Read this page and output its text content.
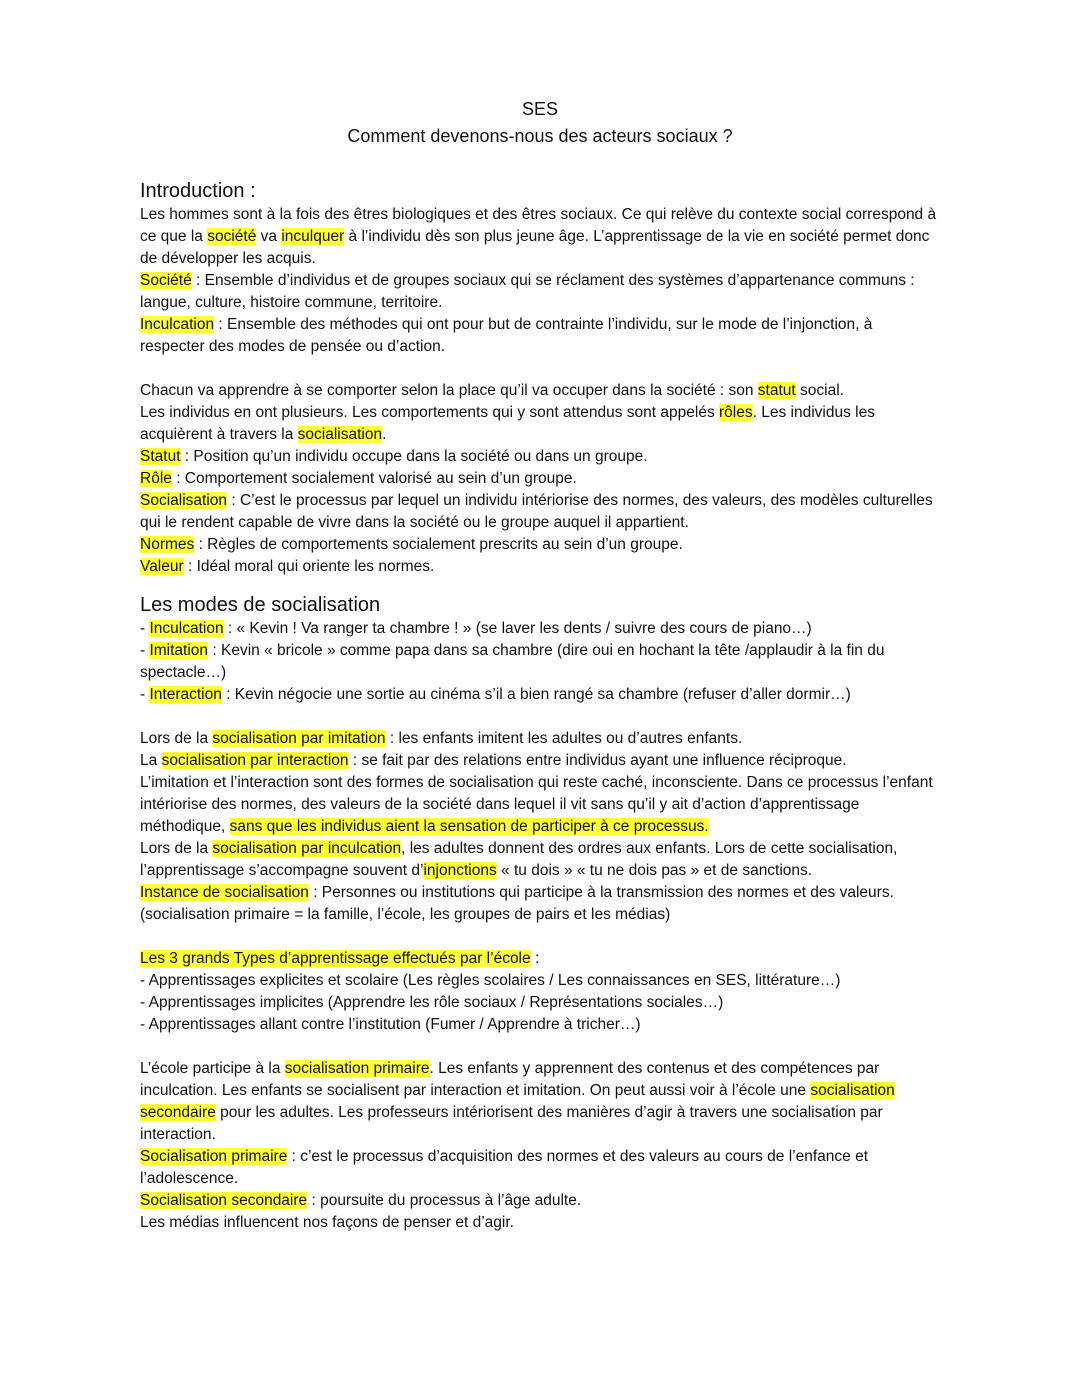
SES

Comment devenons-nous des acteurs sociaux ?

Introduction :

Les hommes sont à la fois des êtres biologiques et des êtres sociaux. Ce qui relève du contexte social correspond à ce que la société va inculquer à l’individu dès son plus jeune âge. L’apprentissage de la vie en société permet donc de développer les acquis.

Société : Ensemble d’individus et de groupes sociaux qui se réclament des systèmes d’appartenance communs : langue, culture, histoire commune, territoire.

Inculcation : Ensemble des méthodes qui ont pour but de contrainte l’individu, sur le mode de l’injonction, à respecter des modes de pensée ou d’action.

Chacun va apprendre à se comporter selon la place qu’il va occuper dans la société : son statut social.

Les individus en ont plusieurs. Les comportements qui y sont attendus sont appelés rôles. Les individus les acquièrent à travers la socialisation.

Statut : Position qu’un individu occupe dans la société ou dans un groupe.

Rôle : Comportement socialement valorisé au sein d’un groupe.

Socialisation : C’est le processus par lequel un individu intériorise des normes, des valeurs, des modèles culturelles qui le rendent capable de vivre dans la société ou le groupe auquel il appartient.

Normes : Règles de comportements socialement prescrits au sein d’un groupe.

Valeur : Idéal moral qui oriente les normes.

Les modes de socialisation

- Inculcation : « Kevin ! Va ranger ta chambre ! » (se laver les dents / suivre des cours de piano…)

- Imitation : Kevin « bricole » comme papa dans sa chambre (dire oui en hochant la tête /applaudir à la fin du spectacle…)

- Interaction : Kevin négocie une sortie au cinéma s’il a bien rangé sa chambre (refuser d’aller dormir…)

Lors de la socialisation par imitation : les enfants imitent les adultes ou d’autres enfants.

La socialisation par interaction : se fait par des relations entre individus ayant une influence réciproque.

L’imitation et l’interaction sont des formes de socialisation qui reste caché, inconsciente. Dans ce processus l’enfant intériorise des normes, des valeurs de la société dans lequel il vit sans qu’il y ait d’action d’apprentissage méthodique, sans que les individus aient la sensation de participer à ce processus.

Lors de la socialisation par inculcation, les adultes donnent des ordres aux enfants. Lors de cette socialisation, l’apprentissage s’accompagne souvent d’injonctions « tu dois » « tu ne dois pas » et de sanctions.

Instance de socialisation : Personnes ou institutions qui participe à la transmission des normes et des valeurs. (socialisation primaire = la famille, l’école, les groupes de pairs et les médias)

Les 3 grands Types d’apprentissage effectués par l’école :

- Apprentissages explicites et scolaire (Les règles scolaires / Les connaissances en SES, littérature…)

- Apprentissages implicites (Apprendre les rôle sociaux / Représentations sociales…)

- Apprentissages allant contre l’institution (Fumer / Apprendre à tricher…)

L’école participe à la socialisation primaire. Les enfants y apprennent des contenus et des compétences par inculcation. Les enfants se socialisent par interaction et imitation. On peut aussi voir à l’école une socialisation secondaire pour les adultes. Les professeurs intériorisent des manières d’agir à travers une socialisation par interaction.

Socialisation primaire : c’est le processus d’acquisition des normes et des valeurs au cours de l’enfance et l’adolescence.

Socialisation secondaire : poursuite du processus à l’âge adulte.

Les médias influencent nos façons de penser et d’agir.
